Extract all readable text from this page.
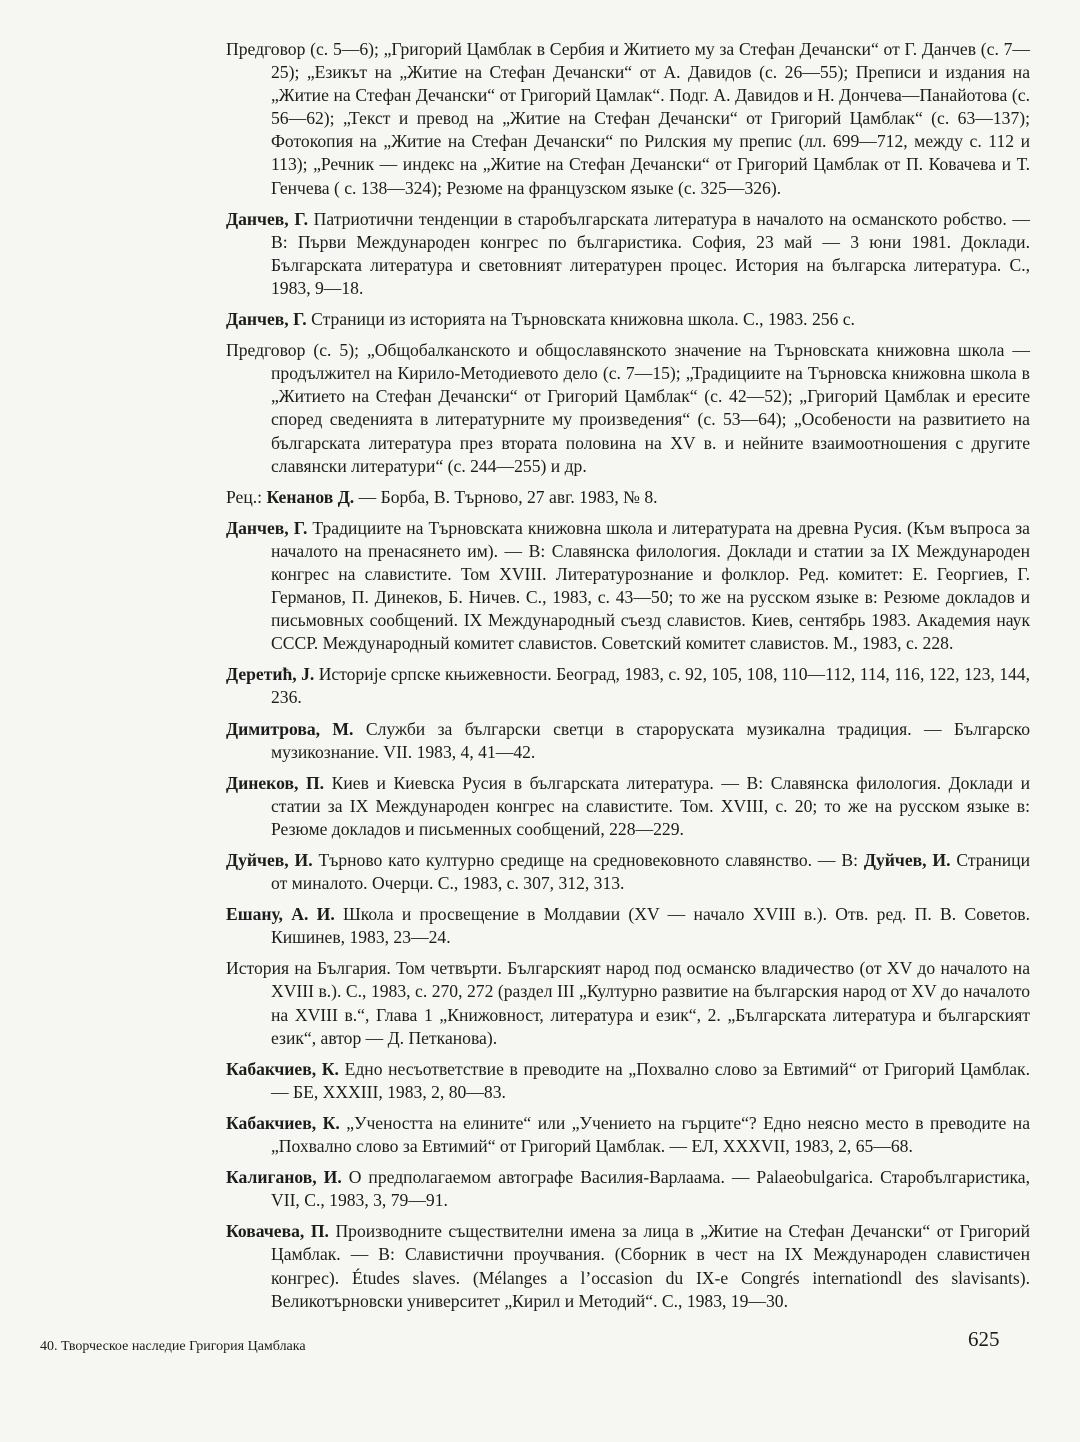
Предговор (с. 5—6); „Григорий Цамблак в Сербия и Житието му за Стефан Дечански“ от Г. Данчев (с. 7—25); „Езикът на „Житие на Стефан Дечански“ от А. Давидов (с. 26—55); Преписи и издания на „Житие на Стефан Дечански“ от Григорий Цамлак“. Подг. А. Давидов и Н. Дончева—Панайотова (с. 56—62); „Текст и превод на „Житие на Стефан Дечански“ от Григорий Цамблак“ (с. 63—137); Фотокопия на „Житие на Стефан Дечански“ по Рилския му препис (лл. 699—712, между с. 112 и 113); „Речник — индекс на „Житие на Стефан Дечански“ от Григорий Цамблак от П. Ковачева и Т. Генчева ( с. 138—324); Резюме на французском языке (с. 325—326).

Данчев, Г. Патриотични тенденции в старобългарската литература в началото на османското робство. — В: Първи Международен конгрес по българистика. София, 23 май — 3 юни 1981. Доклади. Българската литература и световният литературен процес. История на българска литература. С., 1983, 9—18.

Данчев, Г. Страници из историята на Търновската книжовна школа. С., 1983. 256 с.

Предговор (с. 5); „Общобалканското и общославянското значение на Търновската книжовна школа — продължител на Кирило-Методиевото дело (с. 7—15); „Традициите на Търновска книжовна школа в „Житието на Стефан Дечански“ от Григорий Цамблак“ (с. 42—52); „Григорий Цамблак и ересите според сведенията в литературните му произведения“ (с. 53—64); „Особености на развитието на българската литература през втората половина на XV в. и нейните взаимоотношения с другите славянски литератури“ (с. 244—255) и др.

Рец.: Кенанов Д. — Борба, В. Търново, 27 авг. 1983, № 8.

Данчев, Г. Традициите на Търновската книжовна школа и литературата на древна Русия. (Към въпроса за началото на пренасянето им). — В: Славянска филология. Доклади и статии за IX Международен конгрес на славистите. Том XVIII. Литературознание и фолклор. Ред. комитет: Е. Георгиев, Г. Германов, П. Динеков, Б. Ничев. С., 1983, с. 43—50; то же на русском языке в: Резюме докладов и письмовных сообщений. IX Международный съезд славистов. Киев, сентябрь 1983. Академия наук СССР. Международный комитет славистов. Советский комитет славистов. М., 1983, с. 228.

Деретић, J. Историје српске књижевности. Београд, 1983, с. 92, 105, 108, 110—112, 114, 116, 122, 123, 144, 236.

Димитрова, М. Служби за български светци в староруската музикална традиция. — Българско музикознание. VII. 1983, 4, 41—42.

Динеков, П. Киев и Киевска Русия в българската литература. — В: Славянска филология. Доклади и статии за IX Международен конгрес на славистите. Том. XVIII, с. 20; то же на русском языке в: Резюме докладов и письменных сообщений, 228—229.

Дуйчев, И. Търново като културно средище на средновековното славянство. — В: Дуйчев, И. Страници от миналото. Очерци. С., 1983, с. 307, 312, 313.

Ешану, А. И. Школа и просвещение в Молдавии (XV — начало XVIII в.). Отв. ред. П. В. Советов. Кишинев, 1983, 23—24.

История на България. Том четвърти. Българският народ под османско владичество (от XV до началото на XVIII в.). С., 1983, с. 270, 272 (раздел III „Културно развитие на българския народ от XV до началото на XVIII в.“, Глава 1 „Книжовност, литература и език“, 2. „Българската литература и българският език“, автор — Д. Петканова).

Кабакчиев, К. Едно несъответствие в преводите на „Похвално слово за Евтимий“ от Григорий Цамблак. — БЕ, XXXIII, 1983, 2, 80—83.

Кабакчиев, К. „Учеността на елините“ или „Учението на гърците“? Едно неясно место в преводите на „Похвално слово за Евтимий“ от Григорий Цамблак. — ЕЛ, XXXVII, 1983, 2, 65—68.

Калиганов, И. О предполагаемом автографе Василия-Варлаама. — Palaeobulgarica. Старобългаристика, VII, С., 1983, 3, 79—91.

Ковачева, П. Производните съществителни имена за лица в „Житие на Стефан Дечански“ от Григорий Цамблак. — В: Славистични проучвания. (Сборник в чест на IX Международен славистичен конгрес). Études slaves. (Mélanges a l’occasion du IX-e Congrés internationdl des slavisants). Великотърновски университет „Кирил и Методий“. С., 1983, 19—30.

40. Творческое наследие Григория Цамблака	625
